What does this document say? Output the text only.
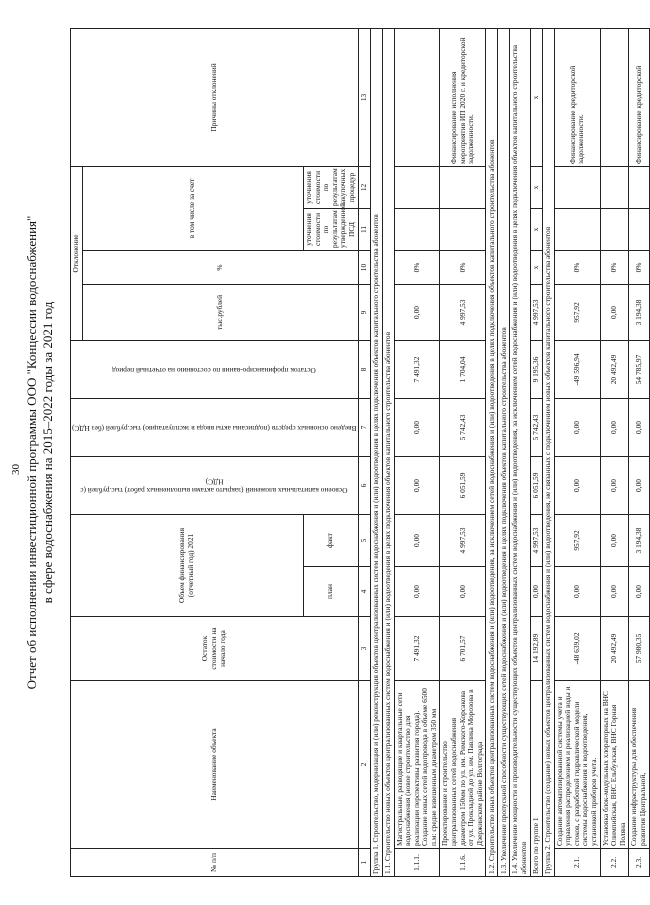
30 Отчет об исполнении инвестиционной программы ООО "Концессии водоснабжения" в сфере водоснабжения на 2015–2022 годы за 2021 год
№ п/п	Наименование объекта	Остаток стоимости на начало года	Объем финансирования (отчетный год) 2021		Освоено капитальных вложений (закрыто актами выполненных работ) тыс.рублей (с НДС)	Введено основных средств (подписаны акты ввода в эксплуатацию) тыс.рублей (без НДС)	Остаток профинансиро-вания по состоянию на отчетный период	Отклонение				Причины отклонений
								тыс.рублей	%	в том числе за счет		
			план	факт						уточнения стоимости по результатам утвержденной ПСД	уточнения стоимости по результатам закупочных процедур	
1	2	3	4	5	6	7	8	9	10	11	12	13
Группа 1. Строительство, модернизация и (или) реконструкция объектов централизованных систем водоснабжения и (или) водоотведения в целях подключения объектов капитального строительства абонентов												
1.1. Строительство новых объектов централизованных систем водоснабжения и (или) водоотведения в целях подключения объектов капитального строительства абонентов												
1.1.1.	Магистральные, разводящие и квартальные сети водоснабжения (новое строительство для реализации перспективы развития города). Создание новых сетей водопровода в объеме 6500 п.м: средне взвешенным диаметром 350 мм	7 491,32	0,00	0,00	0,00	0,00	7 491,32	0,00	0%			
1.1.6.	Проектирование и строительство централизованных сетей водоснабжения диаметром 150мм по ул. им. Римского-Корсакова от ул. Прокладной до ул. им. Павлика Морозова в Дзержинском районе Волгограда	6 701,57	0,00	4 997,53	6 051,59	5 742,43	1 704,04	4 997,53	0%			Финансирование исполнения мероприятия ИП 2020 г. и кредиторской задолженности.
1.2. Строительство иных объектов централизованных систем водоснабжения и (или) водоотведения, за исключением сетей водоснабжения и (или) водоотведения в целях подключения объектов капитального строительства абонентов												
1.3. Увеличение пропускной способности существующих сетей водоснабжения и (или) водоотведения в целях подключения объектов капитального строительства абонентов												
1.4. Увеличение мощности и производительности существующих объектов централизованных систем водоснабжения и (или) водоотведения, за исключением сетей водоснабжения и (или) водоотведения в целях подключения объектов капитального строительства абонентов												
Всего по группе 1		14 192,89	0,00	4 997,53	6 051,59	5 742,43	9 195,36	4 997,53	х	х	х	х
Группа 2. Строительство (создание) новых объектов централизованных систем водоснабжения и (или) водоотведения, не связанных с подключением новых объектов капитального строительства абонентов												
2.1.	Создание автоматизированной системы учета и управления распределением и реализацией воды и стоков, с разработкой гидравлической модели системы водоснабжения и водоотведения, установкой приборов учета.	-48 639,02	0,00	957,92	0,00	0,00	-49 596,94	957,92	0%			Финансирование кредиторской задолженности.
2.2.	Установка блок-модульных хлораторных на ВНС Олимпийская, ВНС Ельбузская, ВНС Горная Поляна	20 492,49	0,00	0,00	0,00	0,00	20 492,49	0,00	0%			
2.3.	Создание инфраструктуры для обеспечения развития Центральной,	57 980,35	0,00	3 194,38	0,00	0,00	54 785,97	3 194,38	0%			Финансирование кредиторской
